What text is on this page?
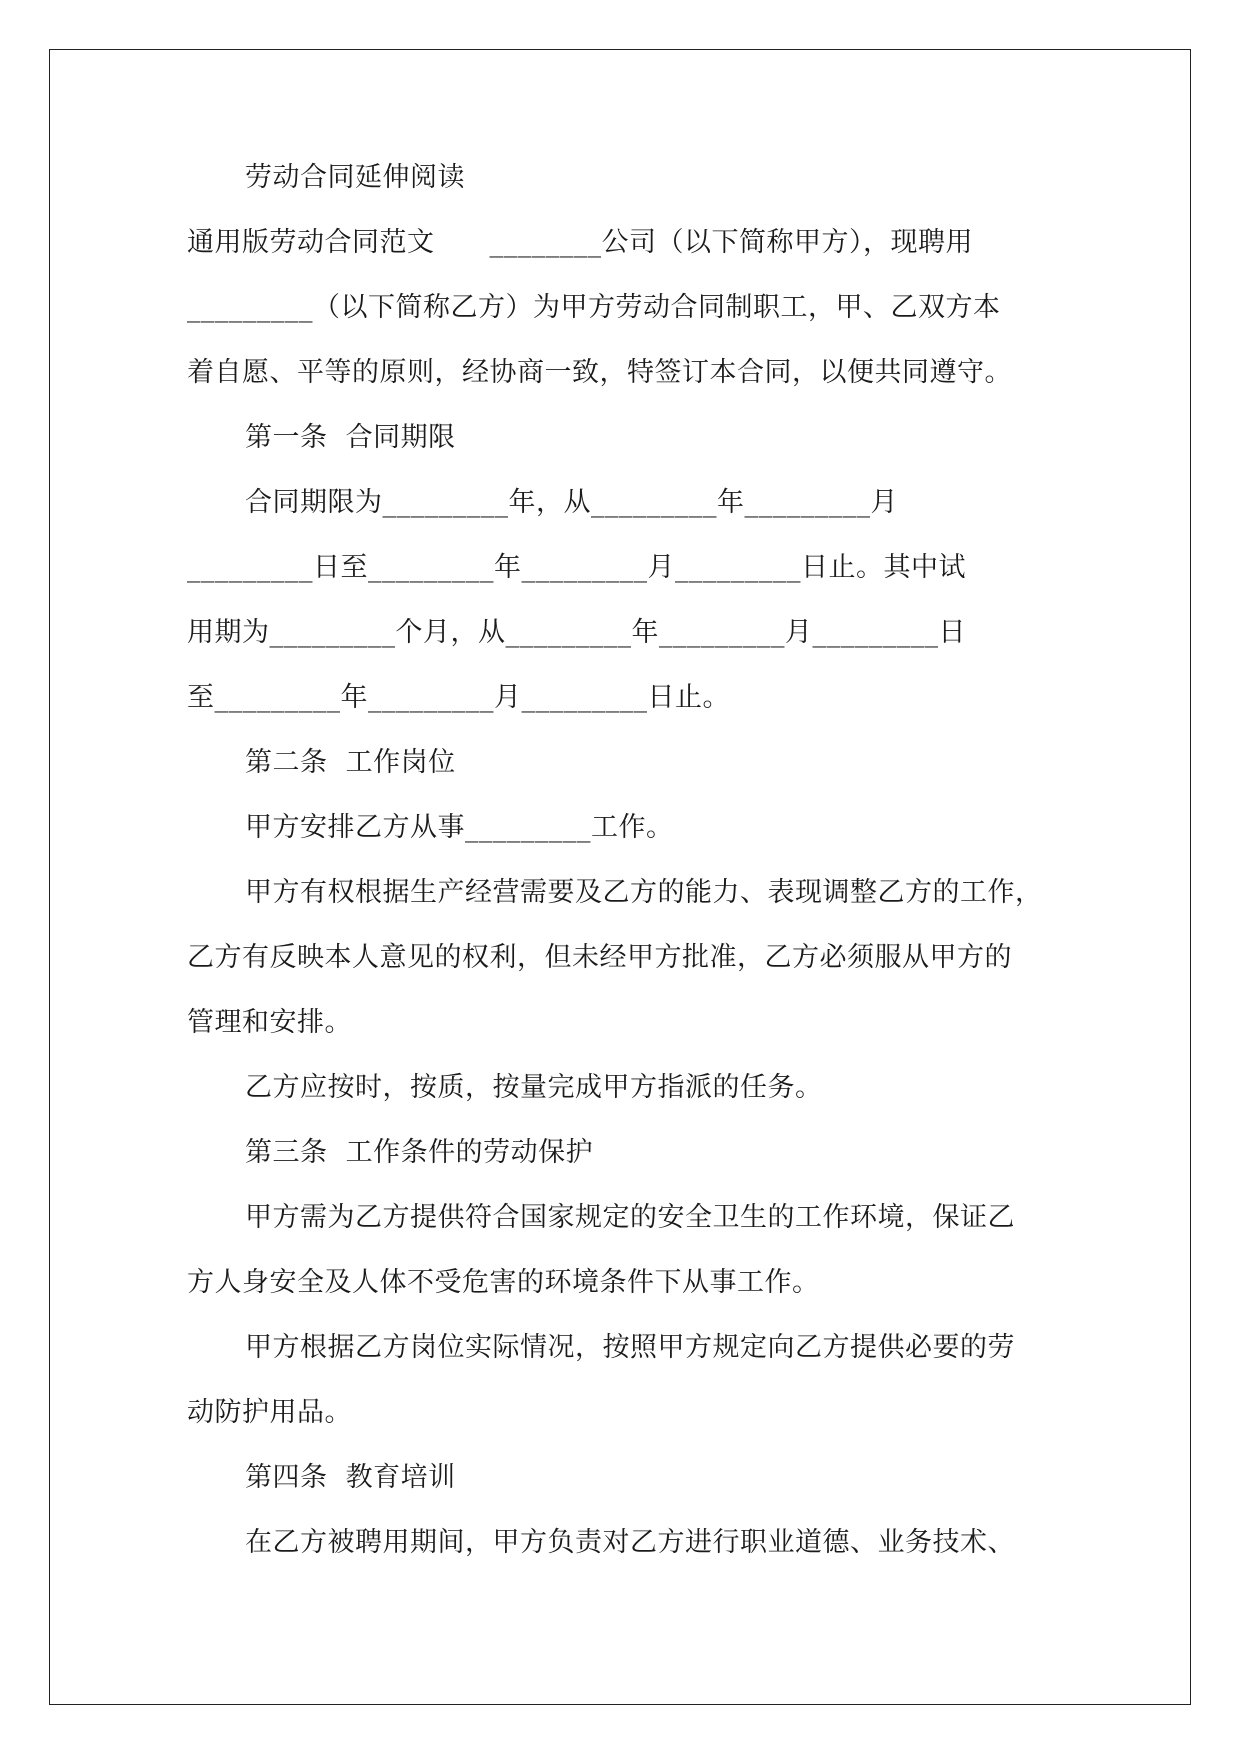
劳动合同延伸阅读
通用版劳动合同范文　　________公司（以下简称甲方），现聘用
_________（以下简称乙方）为甲方劳动合同制职工，甲、乙双方本
着自愿、平等的原则，经协商一致，特签订本合同，以便共同遵守。
第一条  合同期限
合同期限为_________年，从_________年_________月
_________日至_________年_________月_________日止。其中试
用期为_________个月，从_________年_________月_________日
至_________年_________月_________日止。
第二条  工作岗位
甲方安排乙方从事_________工作。
甲方有权根据生产经营需要及乙方的能力、表现调整乙方的工作，
乙方有反映本人意见的权利，但未经甲方批准，乙方必须服从甲方的
管理和安排。
乙方应按时，按质，按量完成甲方指派的任务。
第三条  工作条件的劳动保护
甲方需为乙方提供符合国家规定的安全卫生的工作环境，保证乙
方人身安全及人体不受危害的环境条件下从事工作。
甲方根据乙方岗位实际情况，按照甲方规定向乙方提供必要的劳
动防护用品。
第四条  教育培训
在乙方被聘用期间，甲方负责对乙方进行职业道德、业务技术、
